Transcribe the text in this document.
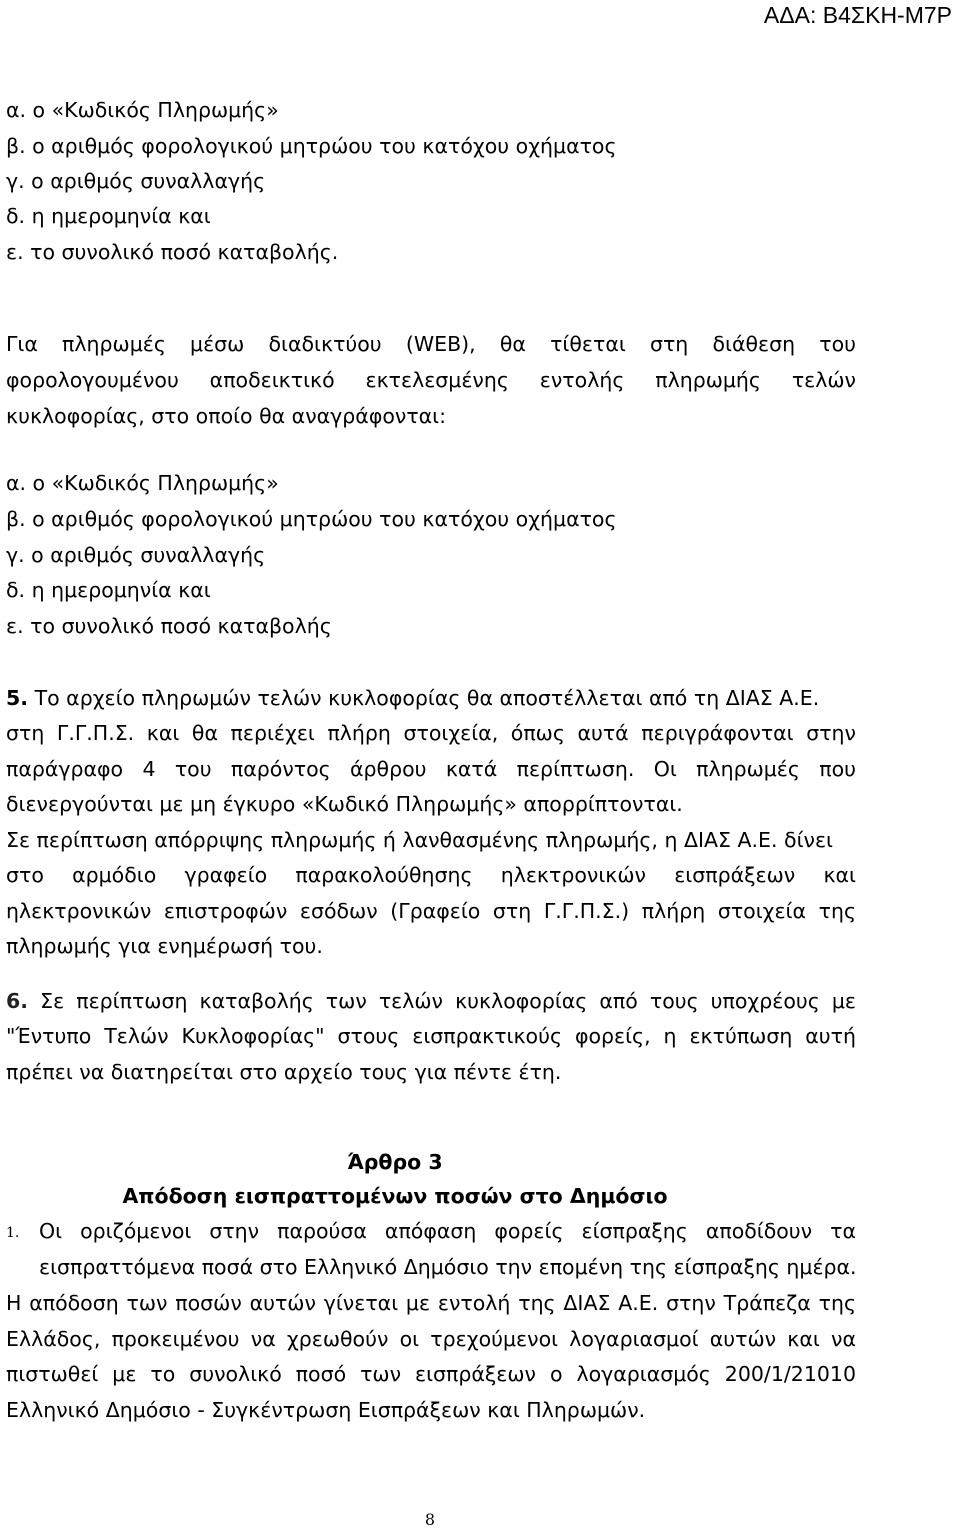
ΑΔΑ: Β4ΣΚΗ-Μ7Ρ
α. ο «Κωδικός Πληρωμής»
β. ο αριθμός φορολογικού μητρώου του κατόχου οχήματος
γ. ο αριθμός συναλλαγής
δ. η ημερομηνία και
ε. το συνολικό ποσό καταβολής.
Για πληρωμές μέσω διαδικτύου (WEB), θα τίθεται στη διάθεση του
φορολογουμένου αποδεικτικό εκτελεσμένης εντολής πληρωμής τελών
κυκλοφορίας, στο οποίο θα αναγράφονται:
α. ο «Κωδικός Πληρωμής»
β. ο αριθμός φορολογικού μητρώου του κατόχου οχήματος
γ. ο αριθμός συναλλαγής
δ. η ημερομηνία και
ε. το συνολικό ποσό καταβολής
5. Το αρχείο πληρωμών τελών κυκλοφορίας θα αποστέλλεται από τη ΔΙΑΣ Α.Ε.
στη Γ.Γ.Π.Σ. και θα περιέχει πλήρη στοιχεία, όπως αυτά περιγράφονται στην
παράγραφο 4 του παρόντος άρθρου κατά περίπτωση. Οι πληρωμές που
διενεργούνται με μη έγκυρο «Κωδικό Πληρωμής» απορρίπτονται.
Σε περίπτωση απόρριψης πληρωμής ή λανθασμένης πληρωμής, η ΔΙΑΣ Α.Ε. δίνει
στο αρμόδιο γραφείο παρακολούθησης ηλεκτρονικών εισπράξεων και
ηλεκτρονικών επιστροφών εσόδων (Γραφείο στη Γ.Γ.Π.Σ.) πλήρη στοιχεία της
πληρωμής για ενημέρωσή του.
6. Σε περίπτωση καταβολής των τελών κυκλοφορίας από τους υποχρέους με
"Έντυπο Τελών Κυκλοφορίας" στους εισπρακτικούς φορείς, η εκτύπωση αυτή
πρέπει να διατηρείται στο αρχείο τους για πέντε έτη.
Άρθρο 3
Απόδοση εισπραττομένων ποσών στο Δημόσιο
1. Οι οριζόμενοι στην παρούσα απόφαση φορείς είσπραξης αποδίδουν τα
εισπραττόμενα ποσά στο Ελληνικό Δημόσιο την επομένη της είσπραξης ημέρα.
Η απόδοση των ποσών αυτών γίνεται με εντολή της ΔΙΑΣ Α.Ε. στην Τράπεζα της
Ελλάδος, προκειμένου να χρεωθούν οι τρεχούμενοι λογαριασμοί αυτών και να
πιστωθεί με το συνολικό ποσό των εισπράξεων ο λογαριασμός 200/1/21010
Ελληνικό Δημόσιο - Συγκέντρωση Εισπράξεων και Πληρωμών.
8
